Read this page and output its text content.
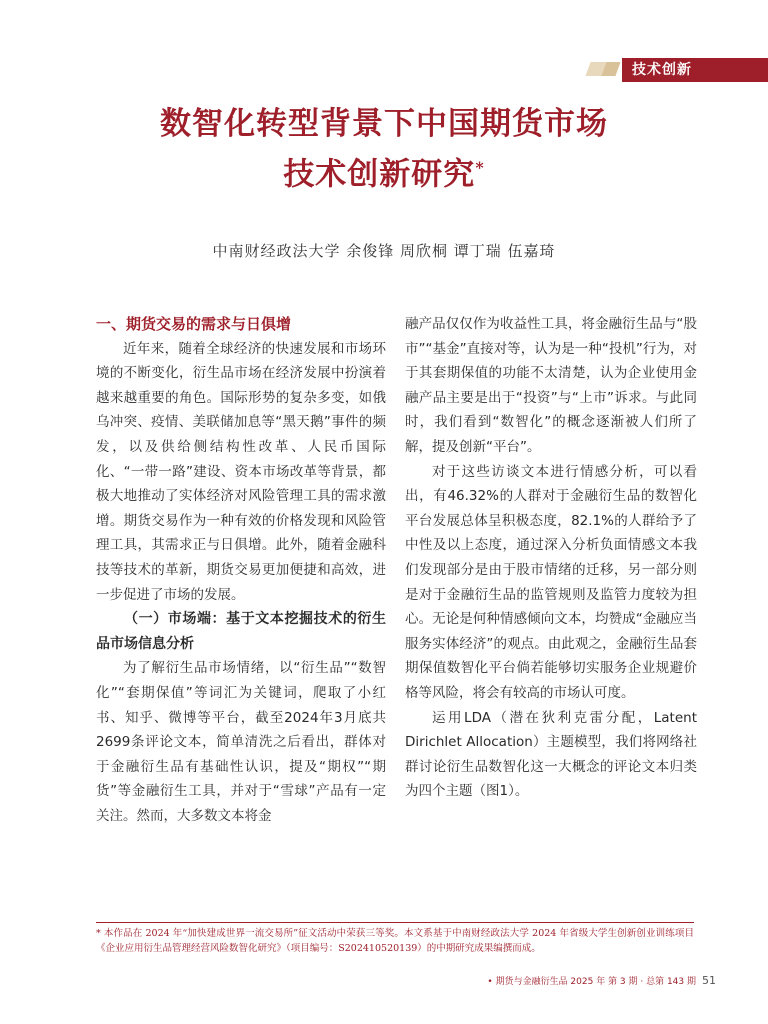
技术创新
数智化转型背景下中国期货市场
技术创新研究*
中南财经政法大学 余俊锋 周欣桐 谭丁瑞 伍嘉琦

一、期货交易的需求与日俱增

近年来，随着全球经济的快速发展和市场环境的不断变化，衍生品市场在经济发展中扮演着越来越重要的角色。国际形势的复杂多变，如俄乌冲突、疫情、美联储加息等“黑天鹅”事件的频发，以及供给侧结构性改革、人民币国际化、“一带一路”建设、资本市场改革等背景，都极大地推动了实体经济对风险管理工具的需求激增。期货交易作为一种有效的价格发现和风险管理工具，其需求正与日俱增。此外，随着金融科技等技术的革新，期货交易更加便捷和高效，进一步促进了市场的发展。

（一）市场端：基于文本挖掘技术的衍生品市场信息分析

为了解衍生品市场情绪，以“衍生品”“数智化”“套期保值”等词汇为关键词，爬取了小红书、知乎、微博等平台，截至2024年3月底共2699条评论文本，简单清洗之后看出，群体对于金融衍生品有基础性认识，提及“期权”“期货”等金融衍生工具，并对于“雪球”产品有一定关注。然而，大多数文本将金

融产品仅仅作为收益性工具，将金融衍生品与“股市”“基金”直接对等，认为是一种“投机”行为，对于其套期保值的功能不太清楚，认为企业使用金融产品主要是出于“投资”与“上市”诉求。与此同时，我们看到“数智化”的概念逐渐被人们所了解，提及创新“平台”。

对于这些访谈文本进行情感分析，可以看出，有46.32%的人群对于金融衍生品的数智化平台发展总体呈积极态度，82.1%的人群给予了中性及以上态度，通过深入分析负面情感文本我们发现部分是由于股市情绪的迁移，另一部分则是对于金融衍生品的监管规则及监管力度较为担心。无论是何种情感倾向文本，均赞成“金融应当服务实体经济”的观点。由此观之，金融衍生品套期保值数智化平台倘若能够切实服务企业规避价格等风险，将会有较高的市场认可度。

运用LDA（潜在狄利克雷分配，Latent Dirichlet Allocation）主题模型，我们将网络社群讨论衍生品数智化这一大概念的评论文本归类为四个主题（图1）。

* 本作品在 2024 年“加快建成世界一流交易所”征文活动中荣获三等奖。本文系基于中南财经政法大学 2024 年省级大学生创新创业训练项目《企业应用衍生品管理经营风险数智化研究》（项目编号：S202410520139）的中期研究成果编撰而成。
• 期货与金融衍生品 2025 年 第 3 期 · 总第 143 期 51
